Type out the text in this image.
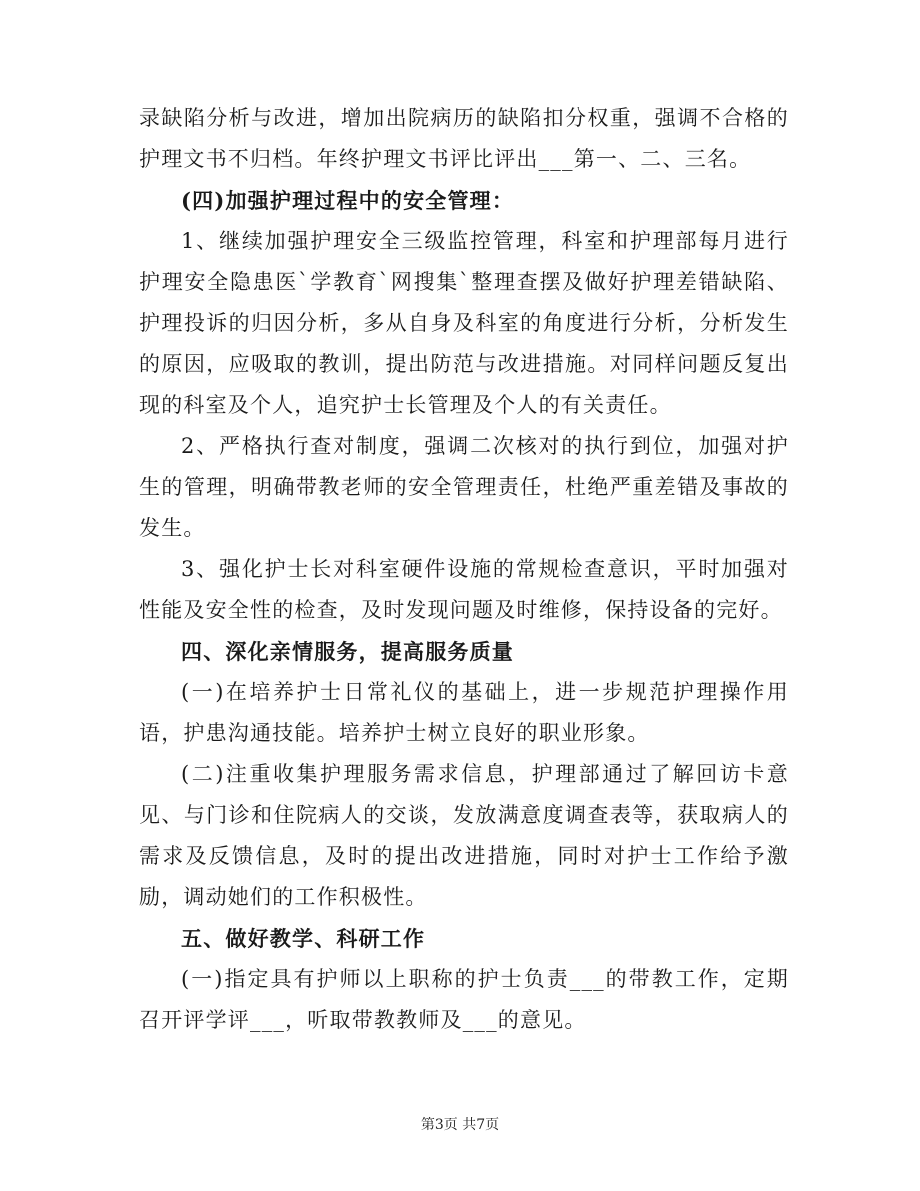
录缺陷分析与改进，增加出院病历的缺陷扣分权重，强调不合格的护理文书不归档。年终护理文书评比评出___第一、二、三名。

(四)加强护理过程中的安全管理：

1、继续加强护理安全三级监控管理，科室和护理部每月进行护理安全隐患医`学教育`网搜集`整理查摆及做好护理差错缺陷、护理投诉的归因分析，多从自身及科室的角度进行分析，分析发生的原因，应吸取的教训，提出防范与改进措施。对同样问题反复出现的科室及个人，追究护士长管理及个人的有关责任。

2、严格执行查对制度，强调二次核对的执行到位，加强对护生的管理，明确带教老师的安全管理责任，杜绝严重差错及事故的发生。

3、强化护士长对科室硬件设施的常规检查意识，平时加强对性能及安全性的检查，及时发现问题及时维修，保持设备的完好。

四、深化亲情服务，提高服务质量

(一)在培养护士日常礼仪的基础上，进一步规范护理操作用语，护患沟通技能。培养护士树立良好的职业形象。

(二)注重收集护理服务需求信息，护理部通过了解回访卡意见、与门诊和住院病人的交谈，发放满意度调查表等，获取病人的需求及反馈信息，及时的提出改进措施，同时对护士工作给予激励，调动她们的工作积极性。

五、做好教学、科研工作

(一)指定具有护师以上职称的护士负责___的带教工作，定期召开评学评___，听取带教教师及___的意见。

第3页 共7页
